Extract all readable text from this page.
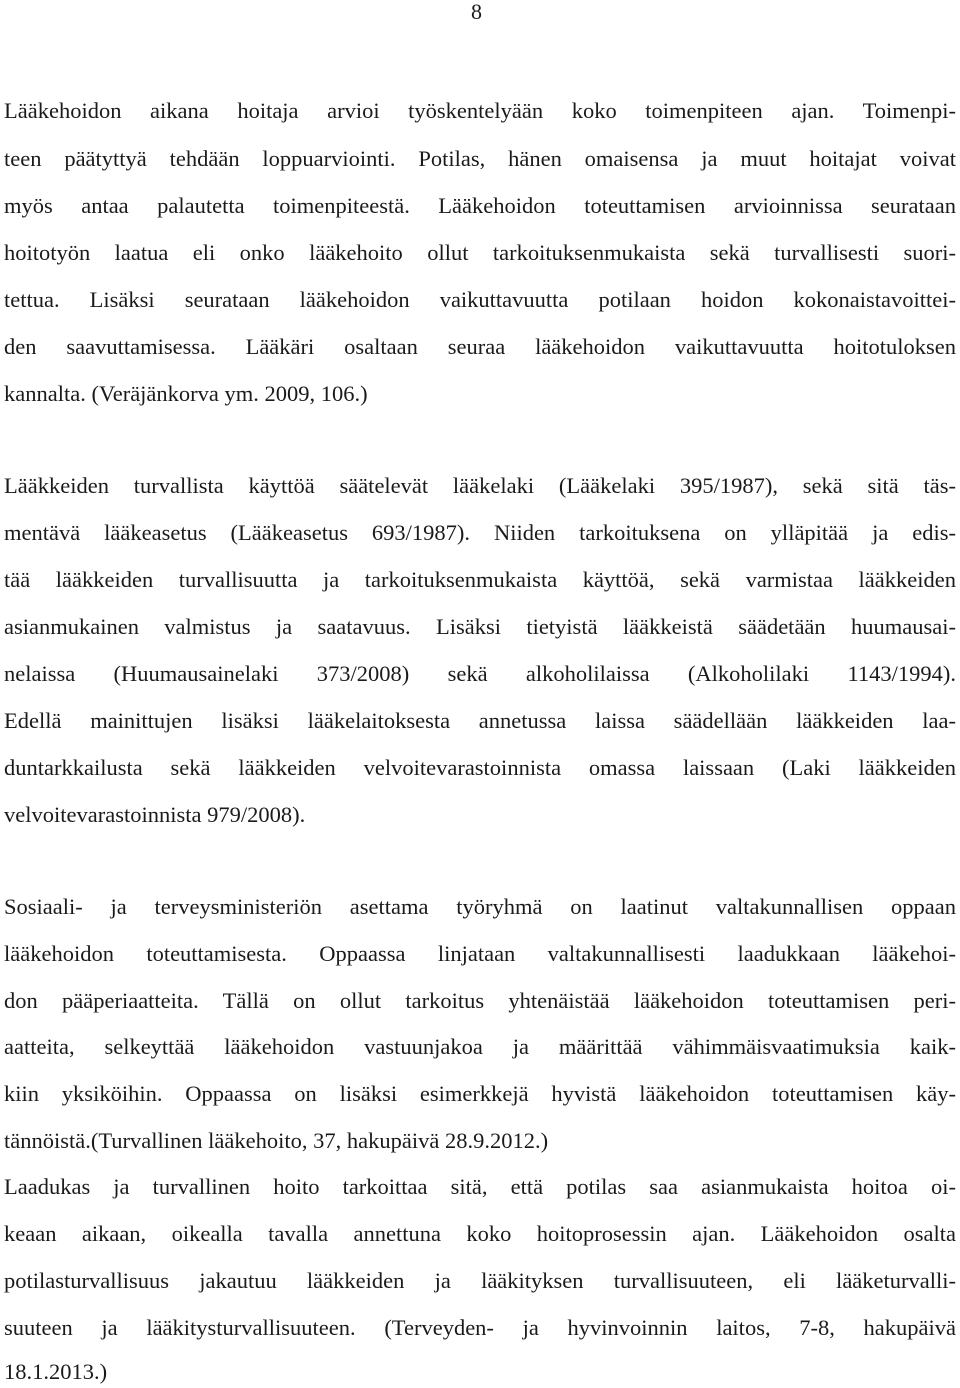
8
Lääkehoidon aikana hoitaja arvioi työskentelyään koko toimenpiteen ajan. Toimenpi-
teen päätyttyä tehdään loppuarviointi. Potilas, hänen omaisensa ja muut hoitajat voivat
myös antaa palautetta toimenpiteestä. Lääkehoidon toteuttamisen arvioinnissa seurataan
hoitotyön laatua eli onko lääkehoito ollut tarkoituksenmukaista sekä turvallisesti suori-
tettua. Lisäksi seurataan lääkehoidon vaikuttavuutta potilaan hoidon kokonaistavoittei-
den saavuttamisessa. Lääkäri osaltaan seuraa lääkehoidon vaikuttavuutta hoitotuloksen
kannalta. (Veräjänkorva ym. 2009, 106.)
Lääkkeiden turvallista käyttöä säätelevät lääkelaki (Lääkelaki 395/1987), sekä sitä täs-
mentävä lääkeasetus (Lääkeasetus 693/1987). Niiden tarkoituksena on ylläpitää ja edis-
tää lääkkeiden turvallisuutta ja tarkoituksenmukaista käyttöä, sekä varmistaa lääkkeiden
asianmukainen valmistus ja saatavuus. Lisäksi tietyistä lääkkeistä säädetään huumausai-
nelaissa (Huumausainelaki 373/2008) sekä alkoholilaissa (Alkoholilaki 1143/1994).
Edellä mainittujen lisäksi lääkelaitoksesta annetussa laissa säädellään lääkkeiden laa-
duntarkkailusta sekä lääkkeiden velvoitevarastoinnista omassa laissaan (Laki lääkkeiden
velvoitevarastoinnista 979/2008).
Sosiaali- ja terveysministeriön asettama työryhmä on laatinut valtakunnallisen oppaan
lääkehoidon toteuttamisesta. Oppaassa linjataan valtakunnallisesti laadukkaan lääkehoi-
don pääperiaatteita. Tällä on ollut tarkoitus yhtenäistää lääkehoidon toteuttamisen peri-
aatteita, selkeyttää lääkehoidon vastuunjakoa ja määrittää vähimmäisvaatimuksia kaik-
kiin yksiköihin. Oppaassa on lisäksi esimerkkejä hyvistä lääkehoidon toteuttamisen käy-
tännöistä.(Turvallinen lääkehoito, 37, hakupäivä 28.9.2012.)
Laadukas ja turvallinen hoito tarkoittaa sitä, että potilas saa asianmukaista hoitoa oi-
keaan aikaan, oikealla tavalla annettuna koko hoitoprosessin ajan. Lääkehoidon osalta
potilasturvallisuus jakautuu lääkkeiden ja lääkityksen turvallisuuteen, eli lääketurvalli-
suuteen ja lääkitysturvallisuuteen. (Terveyden- ja hyvinvoinnin laitos, 7-8, hakupäivä
18.1.2013.)
